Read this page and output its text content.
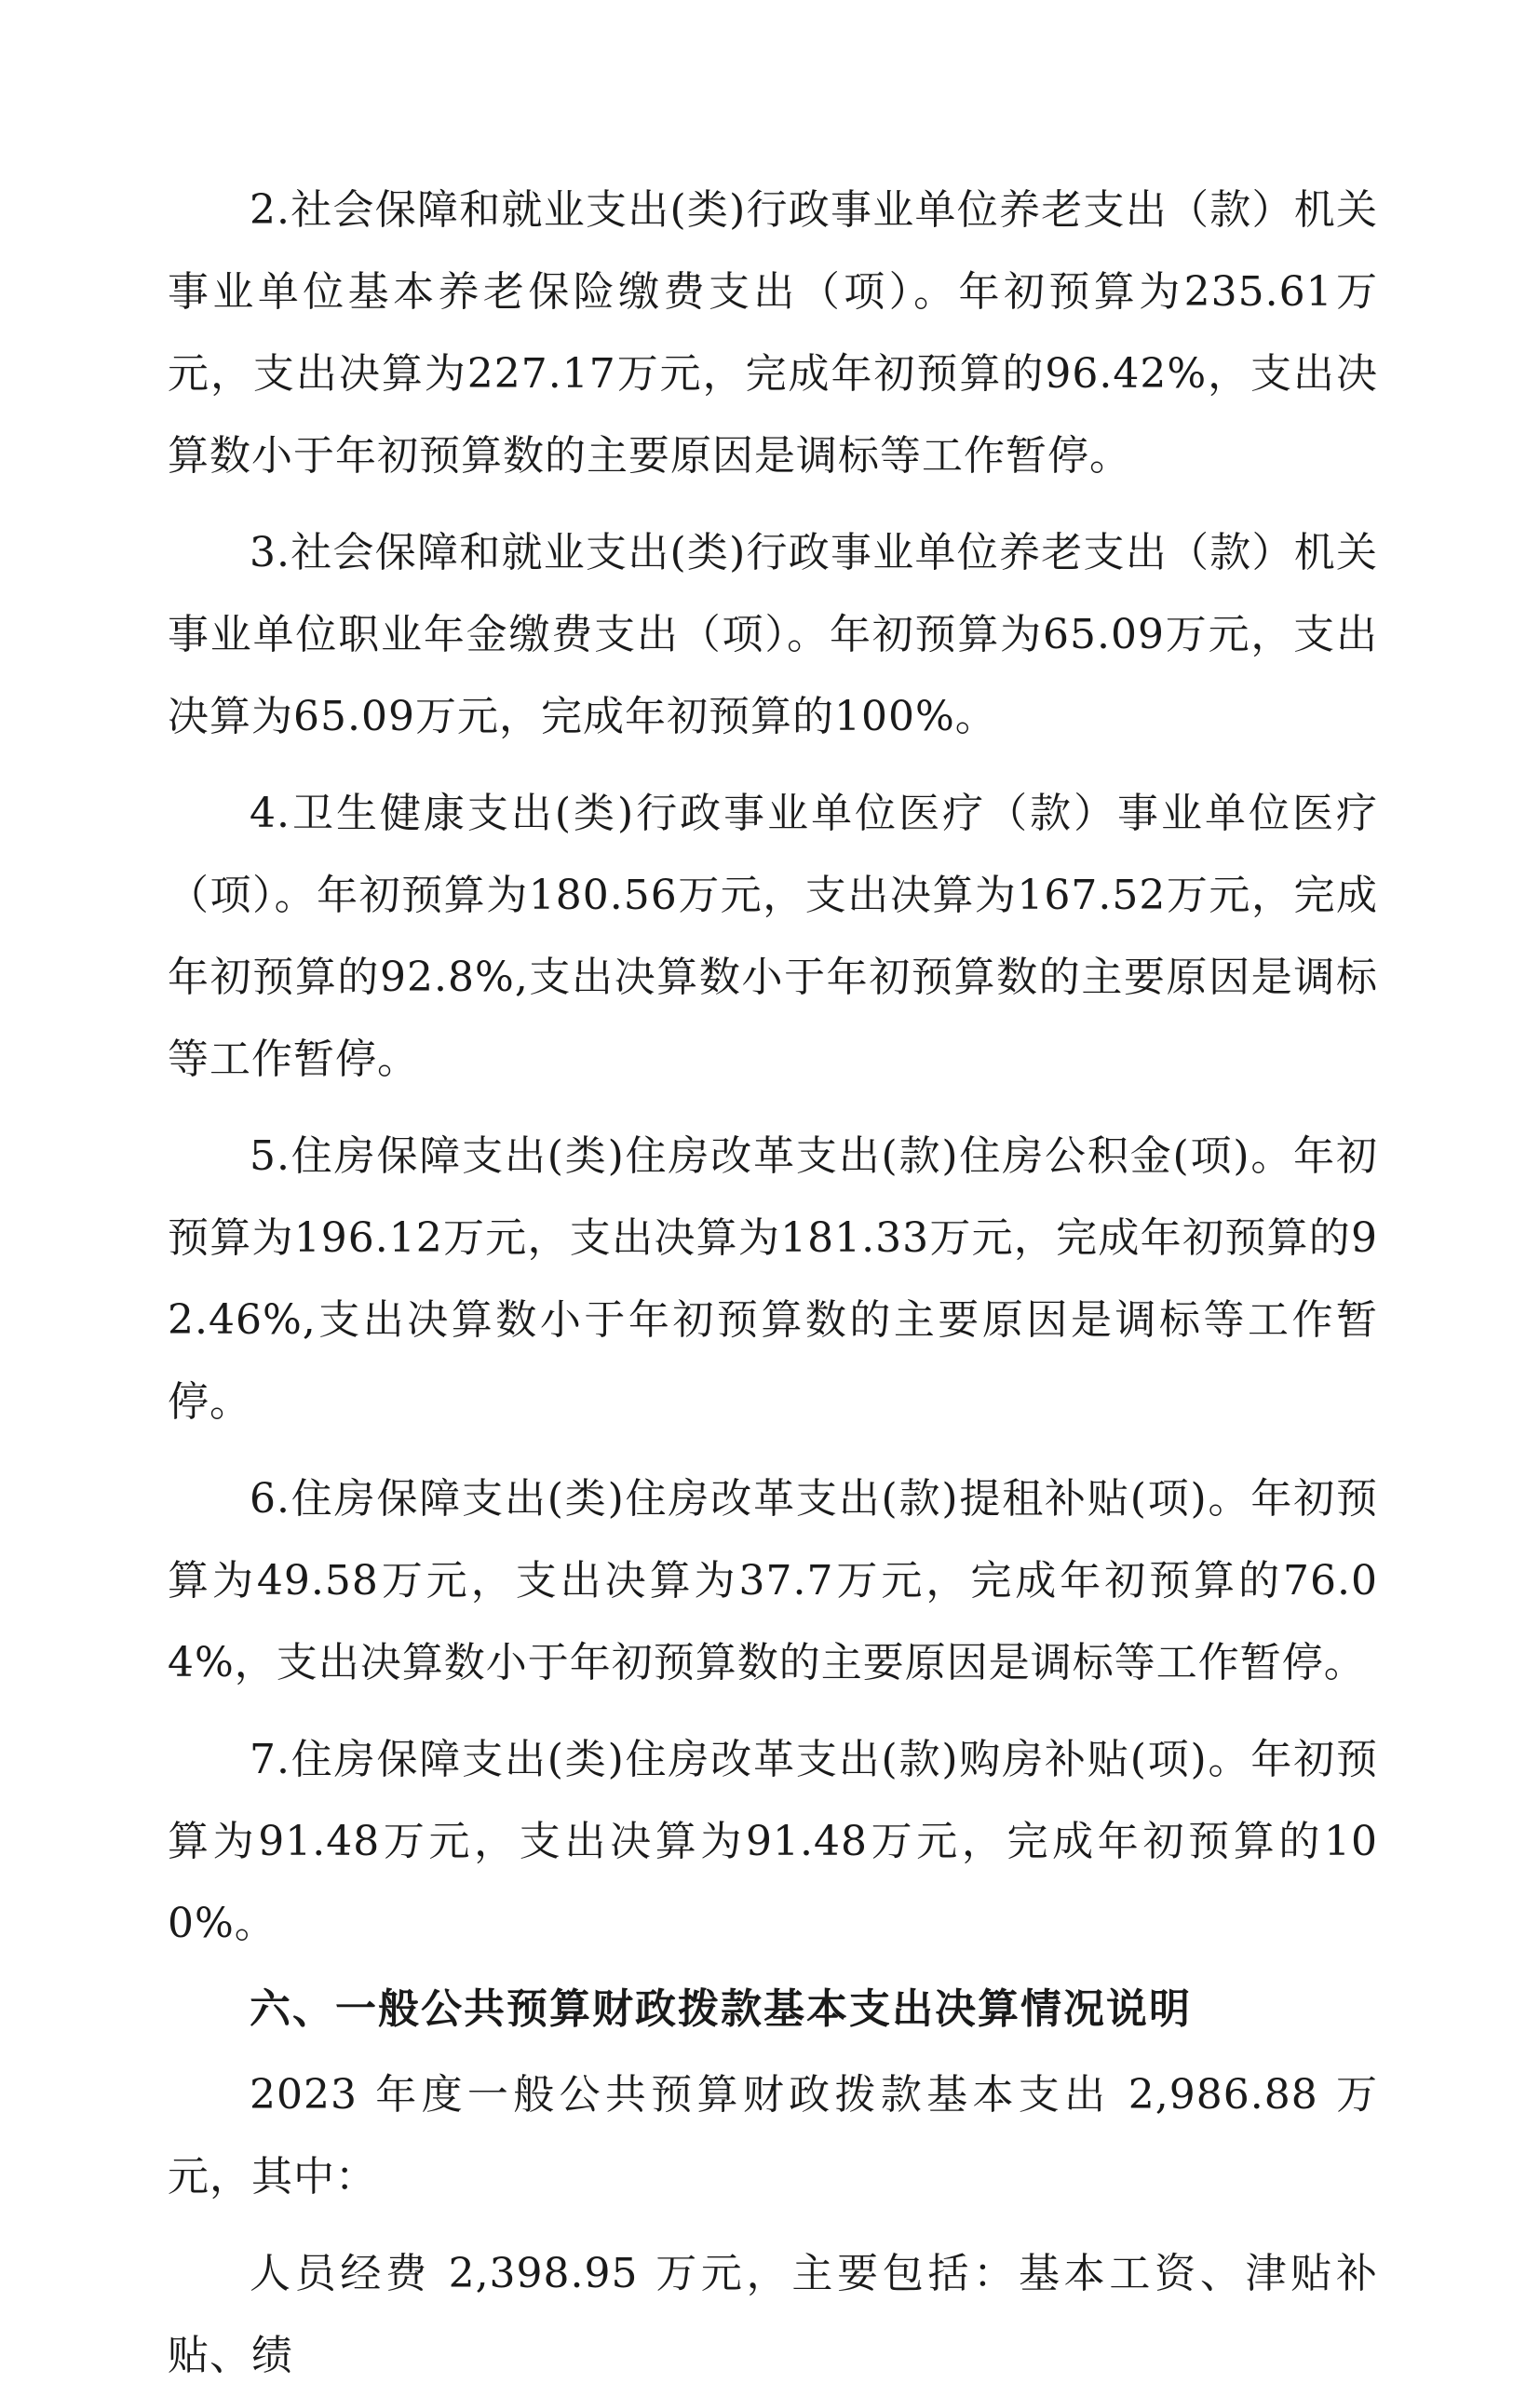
2.社会保障和就业支出(类)行政事业单位养老支出（款）机关事业单位基本养老保险缴费支出（项）。年初预算为235.61万元，支出决算为227.17万元，完成年初预算的96.42%，支出决算数小于年初预算数的主要原因是调标等工作暂停。

3.社会保障和就业支出(类)行政事业单位养老支出（款）机关事业单位职业年金缴费支出（项）。年初预算为65.09万元，支出决算为65.09万元，完成年初预算的100%。

4.卫生健康支出(类)行政事业单位医疗（款）事业单位医疗（项）。年初预算为180.56万元，支出决算为167.52万元，完成年初预算的92.8%,支出决算数小于年初预算数的主要原因是调标等工作暂停。

5.住房保障支出(类)住房改革支出(款)住房公积金(项)。年初预算为196.12万元，支出决算为181.33万元，完成年初预算的92.46%,支出决算数小于年初预算数的主要原因是调标等工作暂停。

6.住房保障支出(类)住房改革支出(款)提租补贴(项)。年初预算为49.58万元，支出决算为37.7万元，完成年初预算的76.04%，支出决算数小于年初预算数的主要原因是调标等工作暂停。

7.住房保障支出(类)住房改革支出(款)购房补贴(项)。年初预算为91.48万元，支出决算为91.48万元，完成年初预算的100%。

六、一般公共预算财政拨款基本支出决算情况说明

2023 年度一般公共预算财政拨款基本支出 2,986.88 万元，其中：

人员经费 2,398.95 万元，主要包括：基本工资、津贴补贴、绩
